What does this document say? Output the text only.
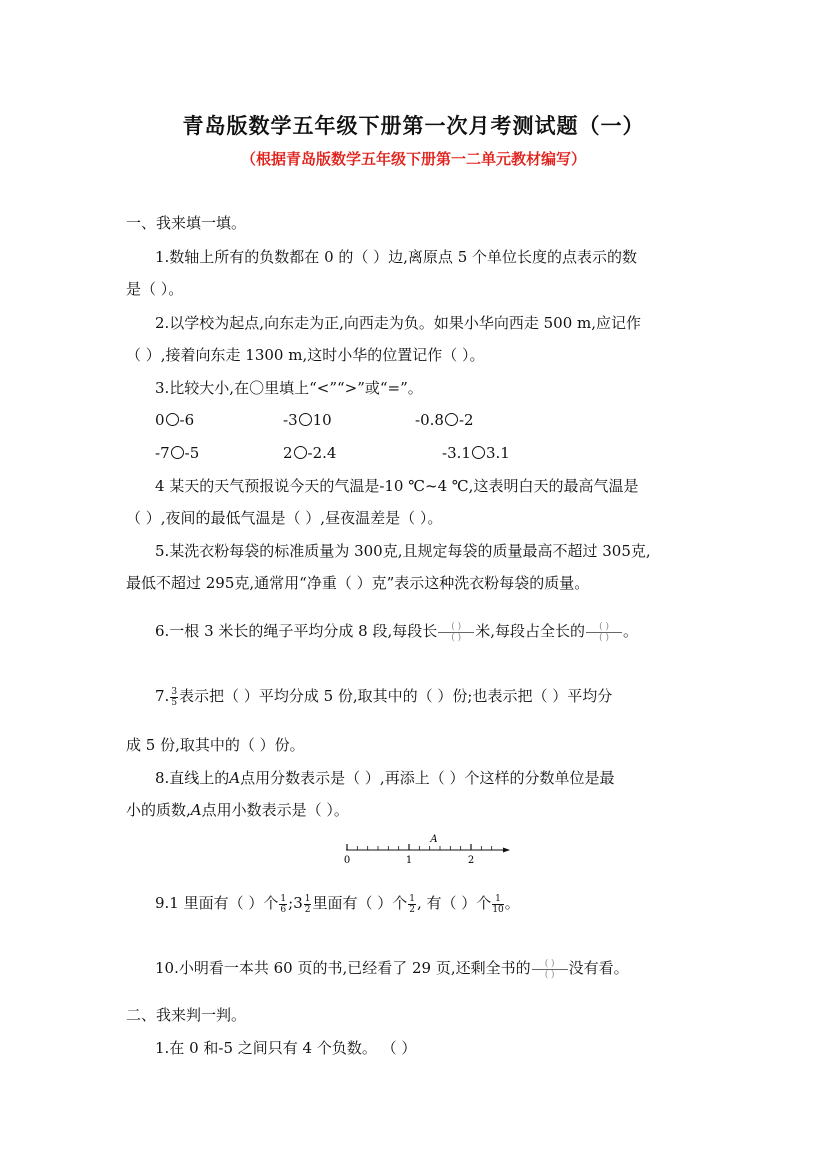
青岛版数学五年级下册第一次月考测试题（一）
（根据青岛版数学五年级下册第一二单元教材编写）
一、我来填一填。
1.数轴上所有的负数都在 0 的（ ）边,离原点 5 个单位长度的点表示的数
是（ ）。
2.以学校为起点,向东走为正,向西走为负。如果小华向西走 500 m,应记作
（ ）,接着向东走 1300 m,这时小华的位置记作（ ）。
3.比较大小,在〇里填上“<”“>”或“=”。
0 -6	-3 10	-0.8 -2
-7 -5	2 -2.4	-3.1 3.1
4 某天的天气预报说今天的气温是-10 ℃~4 ℃,这表明白天的最高气温是
（ ）,夜间的最低气温是（ ）,昼夜温差是（ ）。
5.某洗衣粉每袋的标准质量为 300克,且规定每袋的质量最高不超过 305克,
最低不超过 295克,通常用“净重（ ）克”表示这种洗衣粉每袋的质量。
6.一根 3 米长的绳子平均分成 8 段,每段长 $\frac{( )}{( )}$ 米,每段占全长的 $\frac{( )}{( )}$ 。
7. $\frac{3}{5}$ 表示把（ ）平均分成 5 份,取其中的（ ）份;也表示把（ ）平均分
成 5 份,取其中的（ ）份。
8.直线上的A点用分数表示是（ ）,再添上（ ）个这样的分数单位是最
小的质数,A点用小数表示是（ ）。
0	1	2
A
9.1 里面有（ ）个 $\frac{1}{6}$ ;3 $\frac{1}{2}$ 里面有（ ）个 $\frac{1}{2}$ , 有（ ）个 $\frac{1}{10}$ 。
10.小明看一本共 60 页的书,已经看了 29 页,还剩全书的 $\frac{( )}{( )}$ 没有看。
二、我来判一判。
1.在 0 和-5 之间只有 4 个负数。 （ ）
